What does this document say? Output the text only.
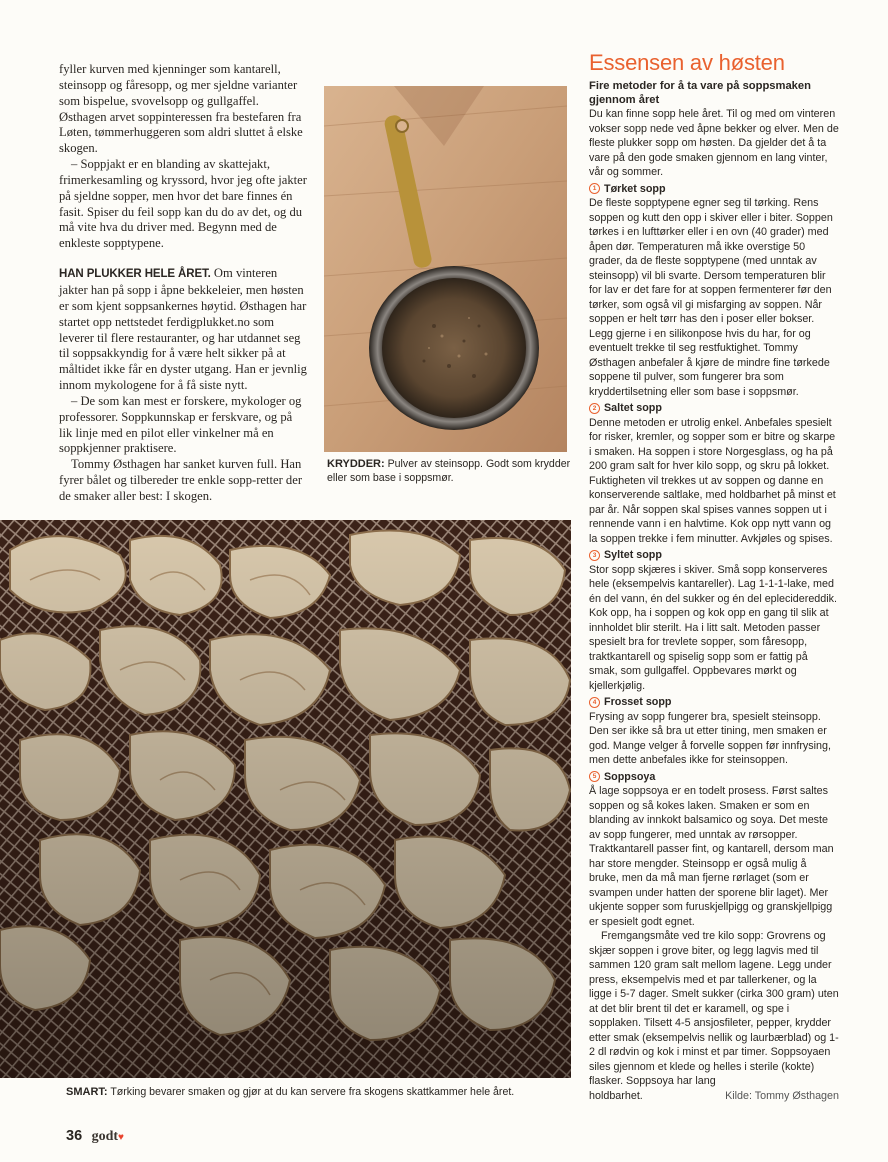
fyller kurven med kjenninger som kantarell, steinsopp og fåresopp, og mer sjeldne varianter som bispelue, svovelsopp og gullgaffel. Østhagen arvet soppinteressen fra bestefaren fra Løten, tømmerhuggeren som aldri sluttet å elske skogen.

– Soppjakt er en blanding av skattejakt, frimerkesamling og kryssord, hvor jeg ofte jakter på sjeldne sopper, men hvor det bare finnes én fasit. Spiser du feil sopp kan du do av det, og du må vite hva du driver med. Begynn med de enkleste sopptypene.

HAN PLUKKER HELE ÅRET. Om vinteren jakter han på sopp i åpne bekkeleier, men høsten er som kjent soppsankernes høytid. Østhagen har startet opp nettstedet ferdigplukket.no som leverer til flere restauranter, og har utdannet seg til soppsakkyndig for å være helt sikker på at måltidet ikke får en dyster utgang. Han er jevnlig innom mykologene for å få siste nytt.

– De som kan mest er forskere, mykologer og professorer. Soppkunnskap er ferskvare, og på lik linje med en pilot eller vinkelner må en soppkjenner praktisere.

Tommy Østhagen har sanket kurven full. Han fyrer bålet og tilbereder tre enkle sopp-retter der de smaker aller best: I skogen.

KRYDDER: Pulver av steinsopp. Godt som krydder eller som base i soppsmør.
SMART: Tørking bevarer smaken og gjør at du kan servere fra skogens skattkammer hele året.
36 godt♥
Essensen av høsten

Fire metoder for å ta vare på soppsmaken gjennom året

Du kan finne sopp hele året. Til og med om vinteren vokser sopp nede ved åpne bekker og elver. Men de fleste plukker sopp om høsten. Da gjelder det å ta vare på den gode smaken gjennom en lang vinter, vår og sommer.

1 Tørket sopp

De fleste sopptypene egner seg til tørking. Rens soppen og kutt den opp i skiver eller i biter. Soppen tørkes i en lufttørker eller i en ovn (40 grader) med åpen dør. Temperaturen må ikke overstige 50 grader, da de fleste sopptypene (med unntak av steinsopp) vil bli svarte. Dersom temperaturen blir for lav er det fare for at soppen fermenterer før den tørker, som også vil gi misfarging av soppen. Når soppen er helt tørr has den i poser eller bokser. Legg gjerne i en silikonpose hvis du har, for og eventuelt trekke til seg restfuktighet. Tommy Østhagen anbefaler å kjøre de mindre fine tørkede soppene til pulver, som fungerer bra som kryddertilsetning eller som base i soppsmør.

2 Saltet sopp

Denne metoden er utrolig enkel. Anbefales spesielt for risker, kremler, og sopper som er bitre og skarpe i smaken. Ha soppen i store Norgesglass, og ha på 200 gram salt for hver kilo sopp, og skru på lokket. Fuktigheten vil trekkes ut av soppen og danne en konserverende saltlake, med holdbarhet på minst et par år. Når soppen skal spises vannes soppen ut i rennende vann i en halvtime. Kok opp nytt vann og la soppen trekke i fem minutter. Avkjøles og spises.

3 Syltet sopp

Stor sopp skjæres i skiver. Små sopp konserveres hele (eksempelvis kantareller). Lag 1-1-1-lake, med én del vann, én del sukker og én del eplecidereddik. Kok opp, ha i soppen og kok opp en gang til slik at innholdet blir sterilt. Ha i litt salt. Metoden passer spesielt bra for trevlete sopper, som fåresopp, traktkantarell og spiselig sopp som er fattig på smak, som gullgaffel. Oppbevares mørkt og kjellerkjølig.

4 Frosset sopp

Frysing av sopp fungerer bra, spesielt steinsopp. Den ser ikke så bra ut etter tining, men smaken er god. Mange velger å forvelle soppen før innfrysing, men dette anbefales ikke for steinsoppen.

5 Soppsoya

Å lage soppsoya er en todelt prosess. Først saltes soppen og så kokes laken. Smaken er som en blanding av innkokt balsamico og soya. Det meste av sopp fungerer, med unntak av rørsopper. Traktkantarell passer fint, og kantarell, dersom man har store mengder. Steinsopp er også mulig å bruke, men da må man fjerne rørlaget (som er svampen under hatten der sporene blir laget). Mer ukjente sopper som furuskjellpigg og granskjellpigg er spesielt godt egnet.

Fremgangsmåte ved tre kilo sopp: Grovrens og skjær soppen i grove biter, og legg lagvis med til sammen 120 gram salt mellom lagene. Legg under press, eksempelvis med et par tallerkener, og la ligge i 5-7 dager. Smelt sukker (cirka 300 gram) uten at det blir brent til det er karamell, og spe i sopplaken. Tilsett 4-5 ansjosfileter, pepper, krydder etter smak (eksempelvis nellik og laurbærblad) og 1-2 dl rødvin og kok i minst et par timer. Soppsoyaen siles gjennom et klede og helles i sterile (kokte) flasker. Soppsoya har lang

holdbarhet.	Kilde: Tommy Østhagen
